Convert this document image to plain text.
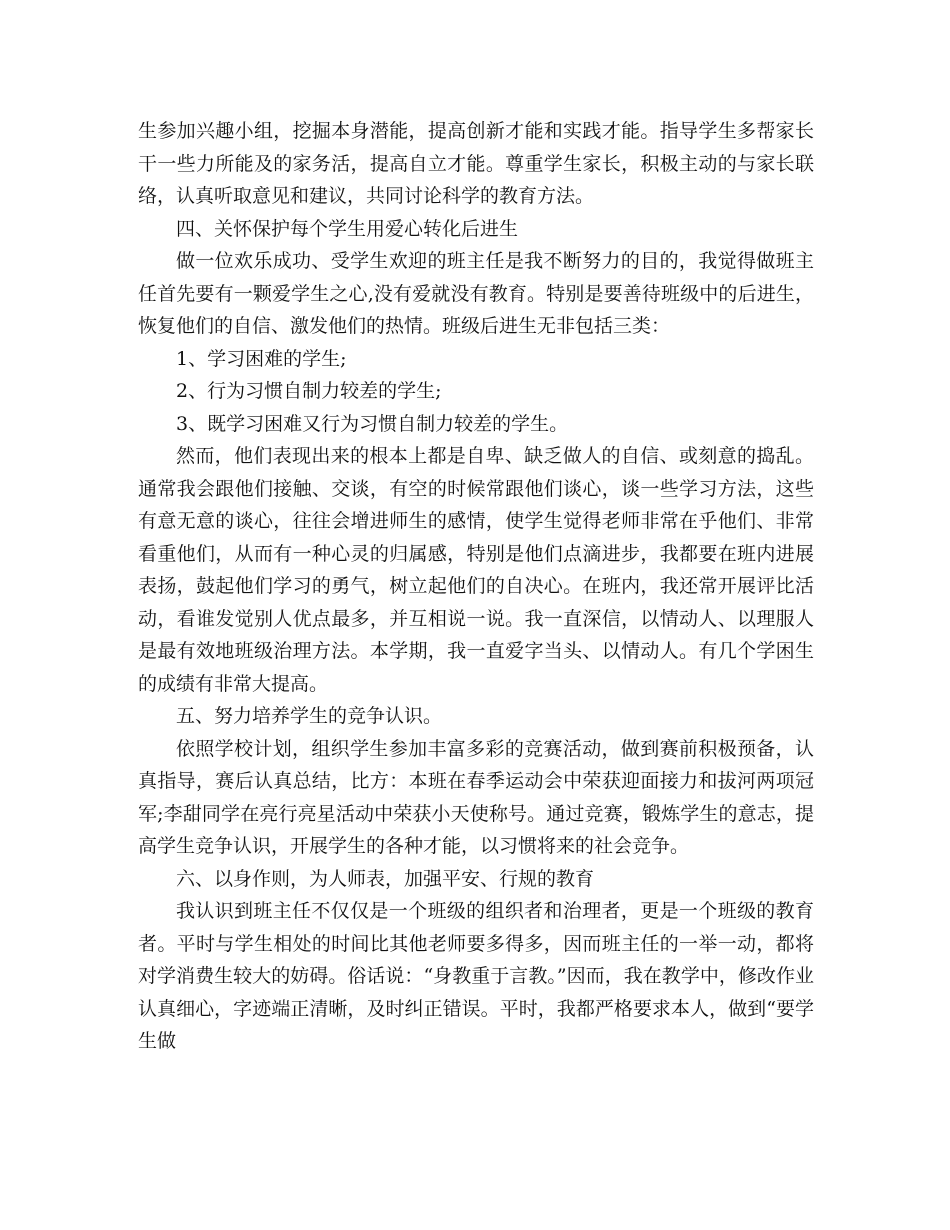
生参加兴趣小组，挖掘本身潜能，提高创新才能和实践才能。指导学生多帮家长干一些力所能及的家务活，提高自立才能。尊重学生家长，积极主动的与家长联络，认真听取意见和建议，共同讨论科学的教育方法。

四、关怀保护每个学生用爱心转化后进生

做一位欢乐成功、受学生欢迎的班主任是我不断努力的目的，我觉得做班主任首先要有一颗爱学生之心,没有爱就没有教育。特别是要善待班级中的后进生，恢复他们的自信、激发他们的热情。班级后进生无非包括三类：

1、学习困难的学生;

2、行为习惯自制力较差的学生;

3、既学习困难又行为习惯自制力较差的学生。

然而，他们表现出来的根本上都是自卑、缺乏做人的自信、或刻意的捣乱。通常我会跟他们接触、交谈，有空的时候常跟他们谈心，谈一些学习方法，这些有意无意的谈心，往往会增进师生的感情，使学生觉得老师非常在乎他们、非常看重他们，从而有一种心灵的归属感，特别是他们点滴进步，我都要在班内进展表扬，鼓起他们学习的勇气，树立起他们的自决心。在班内，我还常开展评比活动，看谁发觉别人优点最多，并互相说一说。我一直深信，以情动人、以理服人是最有效地班级治理方法。本学期，我一直爱字当头、以情动人。有几个学困生的成绩有非常大提高。

五、努力培养学生的竞争认识。

依照学校计划，组织学生参加丰富多彩的竞赛活动，做到赛前积极预备，认真指导，赛后认真总结，比方：本班在春季运动会中荣获迎面接力和拔河两项冠军;李甜同学在亮行亮星活动中荣获小天使称号。通过竞赛，锻炼学生的意志，提高学生竞争认识，开展学生的各种才能，以习惯将来的社会竞争。

六、以身作则，为人师表，加强平安、行规的教育

我认识到班主任不仅仅是一个班级的组织者和治理者，更是一个班级的教育者。平时与学生相处的时间比其他老师要多得多，因而班主任的一举一动，都将对学消费生较大的妨碍。俗话说：“身教重于言教。”因而，我在教学中，修改作业认真细心，字迹端正清晰，及时纠正错误。平时，我都严格要求本人，做到“要学生做
